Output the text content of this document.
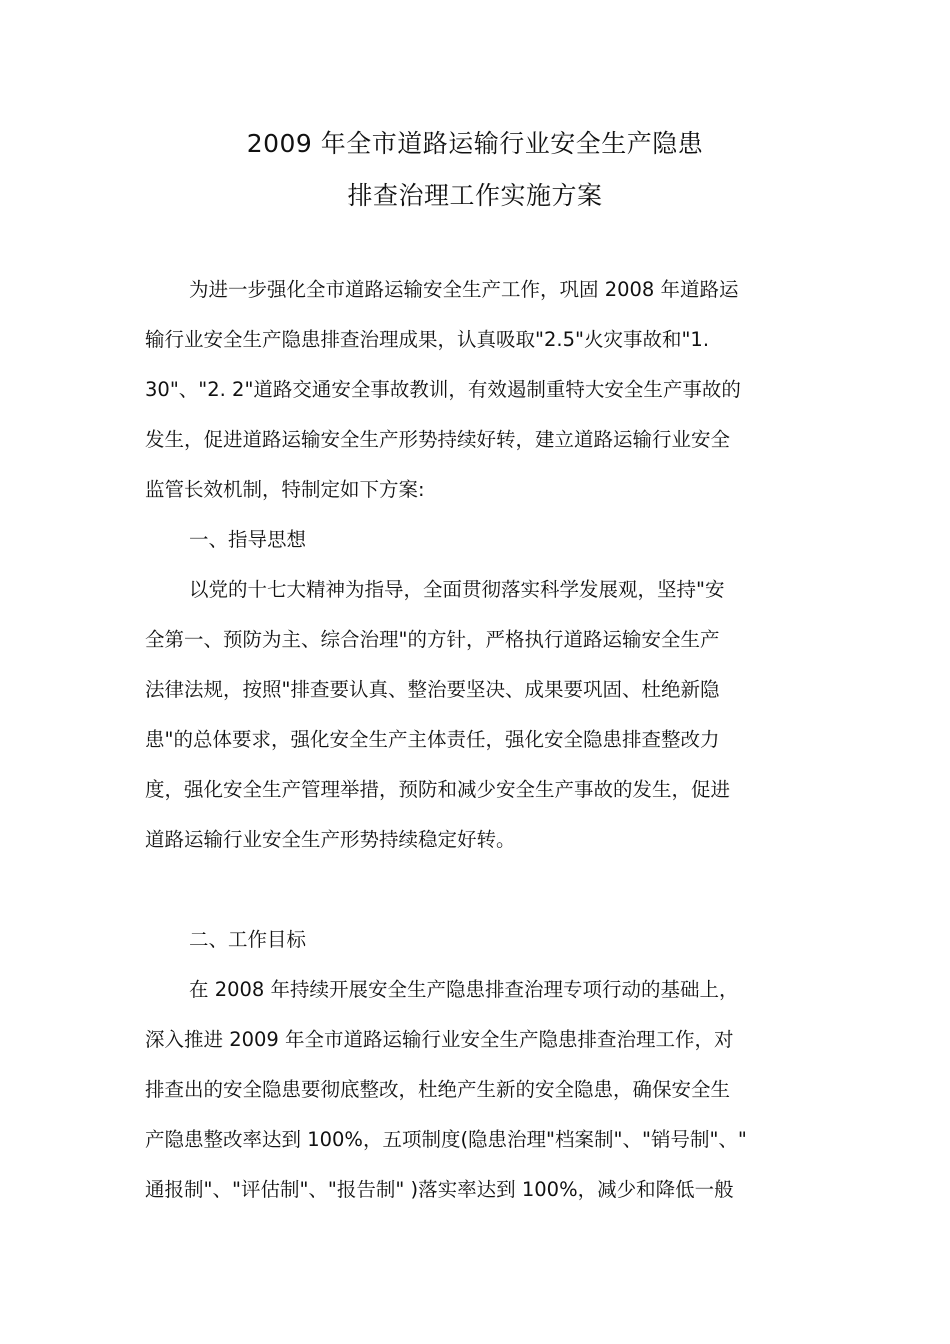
2009 年全市道路运输行业安全生产隐患
排查治理工作实施方案
为进一步强化全市道路运输安全生产工作，巩固 2008 年道路运
输行业安全生产隐患排查治理成果，认真吸取"2.5"火灾事故和"1.
30"、"2. 2"道路交通安全事故教训，有效遏制重特大安全生产事故的
发生，促进道路运输安全生产形势持续好转，建立道路运输行业安全
监管长效机制，特制定如下方案:
一、指导思想
以党的十七大精神为指导，全面贯彻落实科学发展观，坚持"安
全第一、预防为主、综合治理"的方针，严格执行道路运输安全生产
法律法规，按照"排查要认真、整治要坚决、成果要巩固、杜绝新隐
患"的总体要求，强化安全生产主体责任，强化安全隐患排查整改力
度，强化安全生产管理举措，预防和减少安全生产事故的发生，促进
道路运输行业安全生产形势持续稳定好转。
二、工作目标
在 2008 年持续开展安全生产隐患排查治理专项行动的基础上，
深入推进 2009 年全市道路运输行业安全生产隐患排查治理工作，对
排查出的安全隐患要彻底整改，杜绝产生新的安全隐患，确保安全生
产隐患整改率达到 100%，五项制度(隐患治理"档案制"、"销号制"、"
通报制"、"评估制"、"报告制" )落实率达到 100%，减少和降低一般
